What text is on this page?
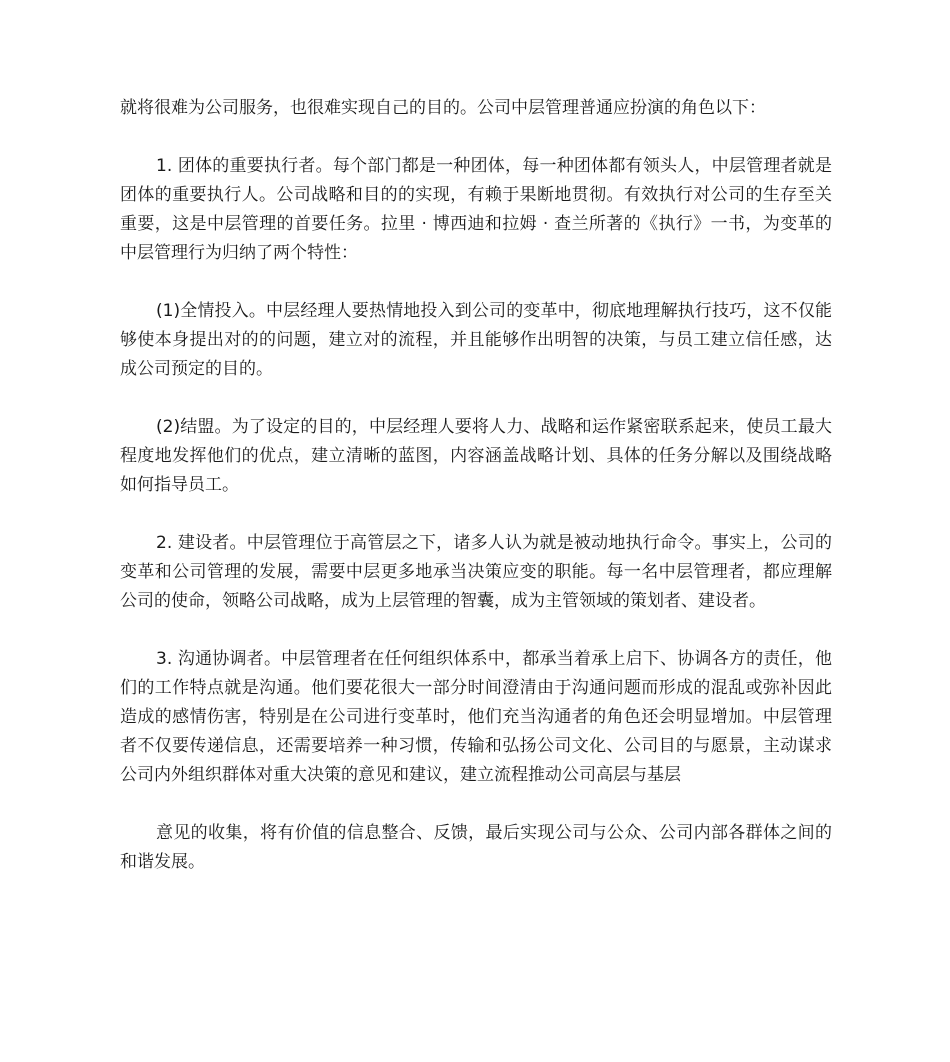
就将很难为公司服务，也很难实现自己的目的。公司中层管理普通应扮演的角色以下：

1. 团体的重要执行者。每个部门都是一种团体，每一种团体都有领头人，中层管理者就是团体的重要执行人。公司战略和目的的实现，有赖于果断地贯彻。有效执行对公司的生存至关重要，这是中层管理的首要任务。拉里 · 博西迪和拉姆 · 查兰所著的《执行》一书，为变革的中层管理行为归纳了两个特性：

(1)全情投入。中层经理人要热情地投入到公司的变革中，彻底地理解执行技巧，这不仅能够使本身提出对的的问题，建立对的流程，并且能够作出明智的决策，与员工建立信任感，达成公司预定的目的。

(2)结盟。为了设定的目的，中层经理人要将人力、战略和运作紧密联系起来，使员工最大程度地发挥他们的优点，建立清晰的蓝图，内容涵盖战略计划、具体的任务分解以及围绕战略如何指导员工。

2. 建设者。中层管理位于高管层之下，诸多人认为就是被动地执行命令。事实上，公司的变革和公司管理的发展，需要中层更多地承当决策应变的职能。每一名中层管理者，都应理解公司的使命，领略公司战略，成为上层管理的智囊，成为主管领域的策划者、建设者。

3. 沟通协调者。中层管理者在任何组织体系中，都承当着承上启下、协调各方的责任，他们的工作特点就是沟通。他们要花很大一部分时间澄清由于沟通问题而形成的混乱或弥补因此造成的感情伤害，特别是在公司进行变革时，他们充当沟通者的角色还会明显增加。中层管理者不仅要传递信息，还需要培养一种习惯，传输和弘扬公司文化、公司目的与愿景，主动谋求公司内外组织群体对重大决策的意见和建议，建立流程推动公司高层与基层

意见的收集，将有价值的信息整合、反馈，最后实现公司与公众、公司内部各群体之间的和谐发展。
